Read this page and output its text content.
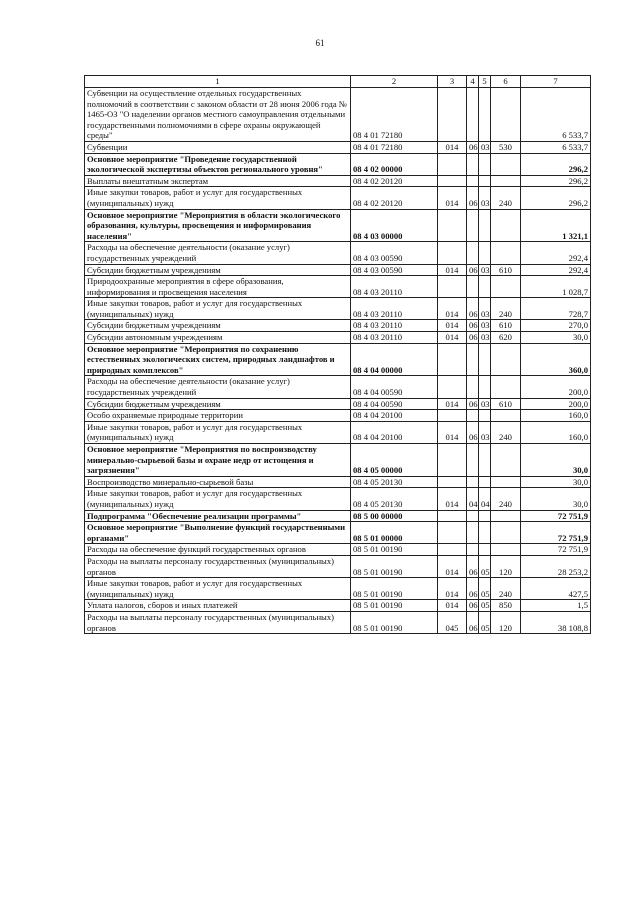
61
1	2	3	4	5	6	7
Субвенции на осуществление отдельных государственных полномочий в соответствии с законом области от 28 июня 2006 года № 1465-ОЗ "О наделении органов местного самоуправления отдельными государственными полномочиями в сфере охраны окружающей среды"	08 4 01 72180					6 533,7
Субвенции	08 4 01 72180	014	06	03	530	6 533,7
Основное мероприятие "Проведение государственной экологической экспертизы объектов регионального уровня"	08 4 02 00000					296,2
Выплаты внештатным экспертам	08 4 02 20120					296,2
Иные закупки товаров, работ и услуг для государственных (муниципальных) нужд	08 4 02 20120	014	06	03	240	296,2
Основное мероприятие "Мероприятия в области экологического образования, культуры, просвещения и информирования населения"	08 4 03 00000					1 321,1
Расходы на обеспечение деятельности (оказание услуг) государственных учреждений	08 4 03 00590					292,4
Субсидии бюджетным учреждениям	08 4 03 00590	014	06	03	610	292,4
Природоохранные мероприятия в сфере образования, информирования и просвещения населения	08 4 03 20110					1 028,7
Иные закупки товаров, работ и услуг для государственных (муниципальных) нужд	08 4 03 20110	014	06	03	240	728,7
Субсидии бюджетным учреждениям	08 4 03 20110	014	06	03	610	270,0
Субсидии автономным учреждениям	08 4 03 20110	014	06	03	620	30,0
Основное мероприятие "Мероприятия по сохранению естественных экологических систем, природных ландшафтов и природных комплексов"	08 4 04 00000					360,0
Расходы на обеспечение деятельности (оказание услуг) государственных учреждений	08 4 04 00590					200,0
Субсидии бюджетным учреждениям	08 4 04 00590	014	06	03	610	200,0
Особо охраняемые природные территории	08 4 04 20100					160,0
Иные закупки товаров, работ и услуг для государственных (муниципальных) нужд	08 4 04 20100	014	06	03	240	160,0
Основное мероприятие "Мероприятия по воспроизводству минерально-сырьевой базы и охране недр от истощения и загрязнения"	08 4 05 00000					30,0
Воспроизводство минерально-сырьевой базы	08 4 05 20130					30,0
Иные закупки товаров, работ и услуг для государственных (муниципальных) нужд	08 4 05 20130	014	04	04	240	30,0
Подпрограмма "Обеспечение реализации программы"	08 5 00 00000					72 751,9
Основное мероприятие "Выполнение функций государственными органами"	08 5 01 00000					72 751,9
Расходы на обеспечение функций государственных органов	08 5 01 00190					72 751,9
Расходы на выплаты персоналу государственных (муниципальных) органов	08 5 01 00190	014	06	05	120	28 253,2
Иные закупки товаров, работ и услуг для государственных (муниципальных) нужд	08 5 01 00190	014	06	05	240	427,5
Уплата налогов, сборов и иных платежей	08 5 01 00190	014	06	05	850	1,5
Расходы на выплаты персоналу государственных (муниципальных) органов	08 5 01 00190	045	06	05	120	38 108,8
